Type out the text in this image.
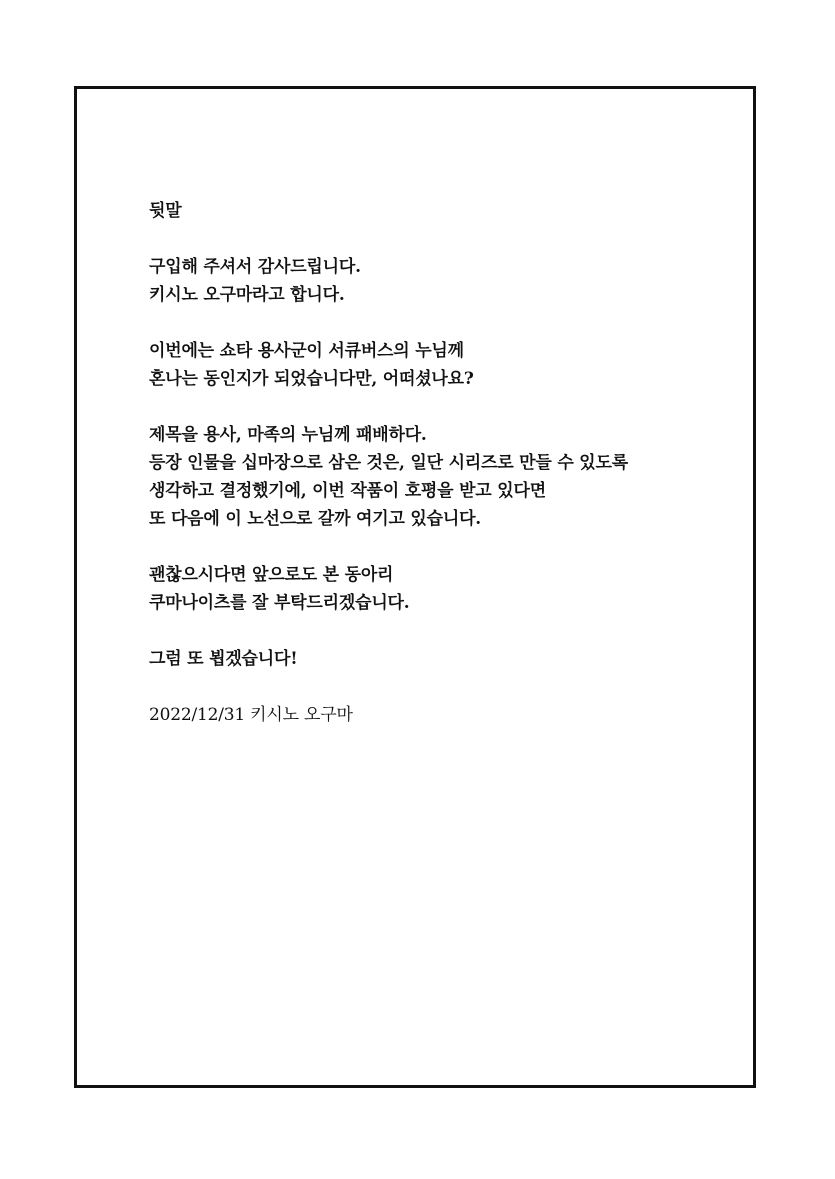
뒷말
구입해 주셔서 감사드립니다.
키시노 오구마라고 합니다.
이번에는 쇼타 용사군이 서큐버스의 누님께
혼나는 동인지가 되었습니다만, 어떠셨나요?
제목을 용사, 마족의 누님께 패배하다.
등장 인물을 십마장으로 삼은 것은, 일단 시리즈로 만들 수 있도록
생각하고 결정했기에, 이번 작품이 호평을 받고 있다면
또 다음에 이 노선으로 갈까 여기고 있습니다.
괜찮으시다면 앞으로도 본 동아리
쿠마나이츠를 잘 부탁드리겠습니다.
그럼 또 뵙겠습니다!
2022/12/31 키시노 오구마
